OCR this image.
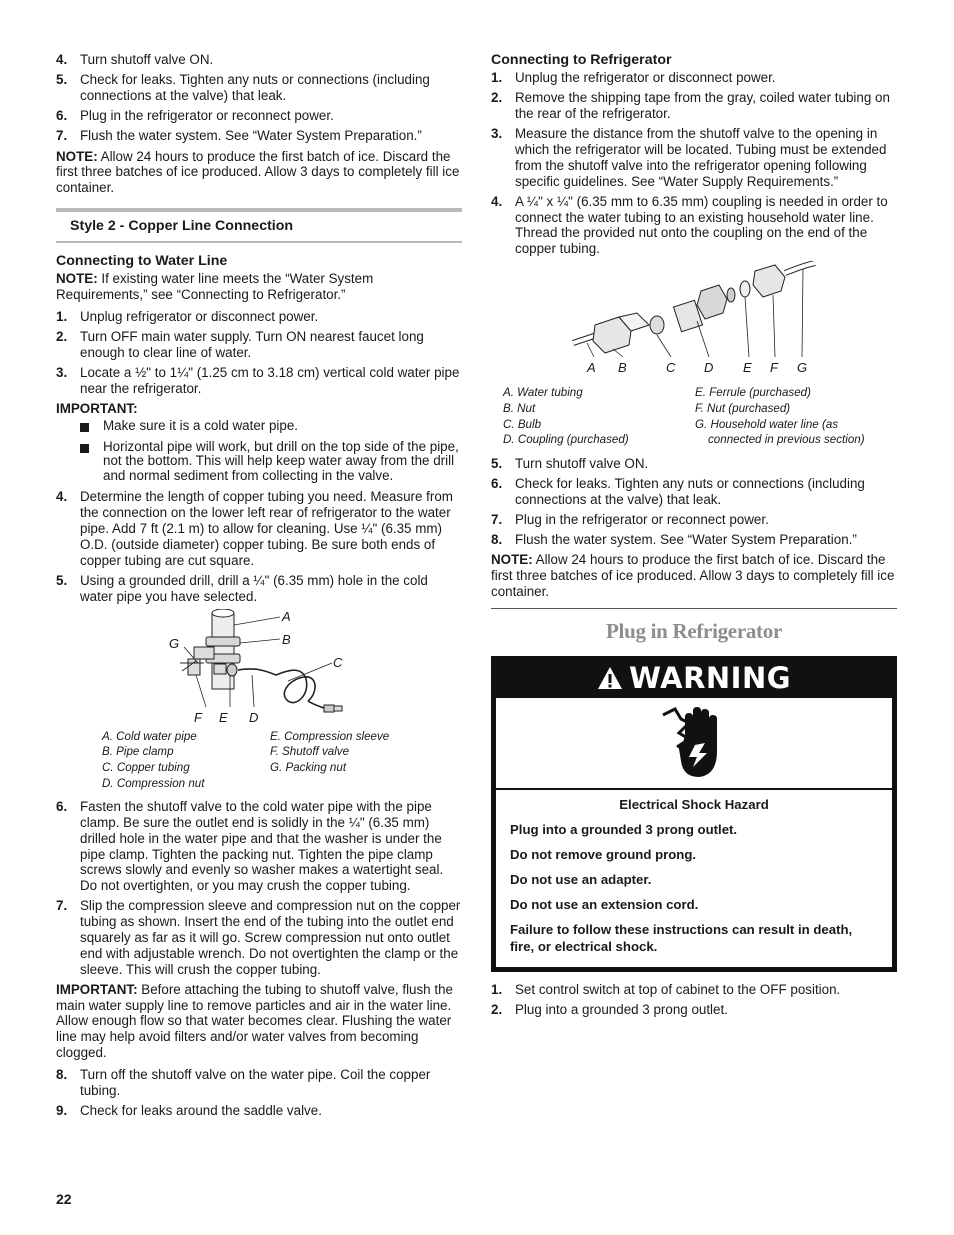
4. Turn shutoff valve ON.
5. Check for leaks. Tighten any nuts or connections (including connections at the valve) that leak.
6. Plug in the refrigerator or reconnect power.
7. Flush the water system. See “Water System Preparation.”

NOTE: Allow 24 hours to produce the first batch of ice. Discard the first three batches of ice produced. Allow 3 days to completely fill ice container.

Style 2 - Copper Line Connection
Connecting to Water Line

NOTE: If existing water line meets the “Water System Requirements,” see “Connecting to Refrigerator.”

1. Unplug refrigerator or disconnect power.
2. Turn OFF main water supply. Turn ON nearest faucet long enough to clear line of water.
3. Locate a ½" to 1¼" (1.25 cm to 3.18 cm) vertical cold water pipe near the refrigerator.

IMPORTANT:

Make sure it is a cold water pipe.
Horizontal pipe will work, but drill on the top side of the pipe, not the bottom. This will help keep water away from the drill and normal sediment from collecting in the valve.
4. Determine the length of copper tubing you need. Measure from the connection on the lower left rear of refrigerator to the water pipe. Add 7 ft (2.1 m) to allow for cleaning. Use ¼" (6.35 mm) O.D. (outside diameter) copper tubing. Be sure both ends of copper tubing are cut square.
5. Using a grounded drill, drill a ¼" (6.35 mm) hole in the cold water pipe you have selected.
A
B
C
G
F E D
A. Cold water pipe	E. Compression sleeve
B. Pipe clamp	F. Shutoff valve
C. Copper tubing	G. Packing nut
D. Compression nut
6. Fasten the shutoff valve to the cold water pipe with the pipe clamp. Be sure the outlet end is solidly in the ¼" (6.35 mm) drilled hole in the water pipe and that the washer is under the pipe clamp. Tighten the packing nut. Tighten the pipe clamp screws slowly and evenly so washer makes a watertight seal. Do not overtighten, or you may crush the copper tubing.
7. Slip the compression sleeve and compression nut on the copper tubing as shown. Insert the end of the tubing into the outlet end squarely as far as it will go. Screw compression nut onto outlet end with adjustable wrench. Do not overtighten the clamp or the sleeve. This will crush the copper tubing.

IMPORTANT: Before attaching the tubing to shutoff valve, flush the main water supply line to remove particles and air in the water line. Allow enough flow so that water becomes clear. Flushing the water line may help avoid filters and/or water valves from becoming clogged.

8. Turn off the shutoff valve on the water pipe. Coil the copper tubing.
9. Check for leaks around the saddle valve.
Connecting to Refrigerator
1. Unplug the refrigerator or disconnect power.
2. Remove the shipping tape from the gray, coiled water tubing on the rear of the refrigerator.
3. Measure the distance from the shutoff valve to the opening in which the refrigerator will be located. Tubing must be extended from the shutoff valve into the refrigerator opening following specific guidelines. See “Water Supply Requirements.”
4. A ¼" x ¼" (6.35 mm to 6.35 mm) coupling is needed in order to connect the water tubing to an existing household water line. Thread the provided nut onto the coupling on the end of the copper tubing.
A B	C D E F G
A. Water tubing
B. Nut
C. Bulb
D. Coupling (purchased)
E. Ferrule (purchased)
F. Nut (purchased)
G. Household water line (as
connected in previous section)
5. Turn shutoff valve ON.
6. Check for leaks. Tighten any nuts or connections (including connections at the valve) that leak.
7. Plug in the refrigerator or reconnect power.
8. Flush the water system. See “Water System Preparation.”

NOTE: Allow 24 hours to produce the first batch of ice. Discard the first three batches of ice produced. Allow 3 days to completely fill ice container.

Plug in Refrigerator
WARNING

Electrical Shock Hazard

Plug into a grounded 3 prong outlet.

Do not remove ground prong.

Do not use an adapter.

Do not use an extension cord.

Failure to follow these instructions can result in death, fire, or electrical shock.

1. Set control switch at top of cabinet to the OFF position.
2. Plug into a grounded 3 prong outlet.
22
